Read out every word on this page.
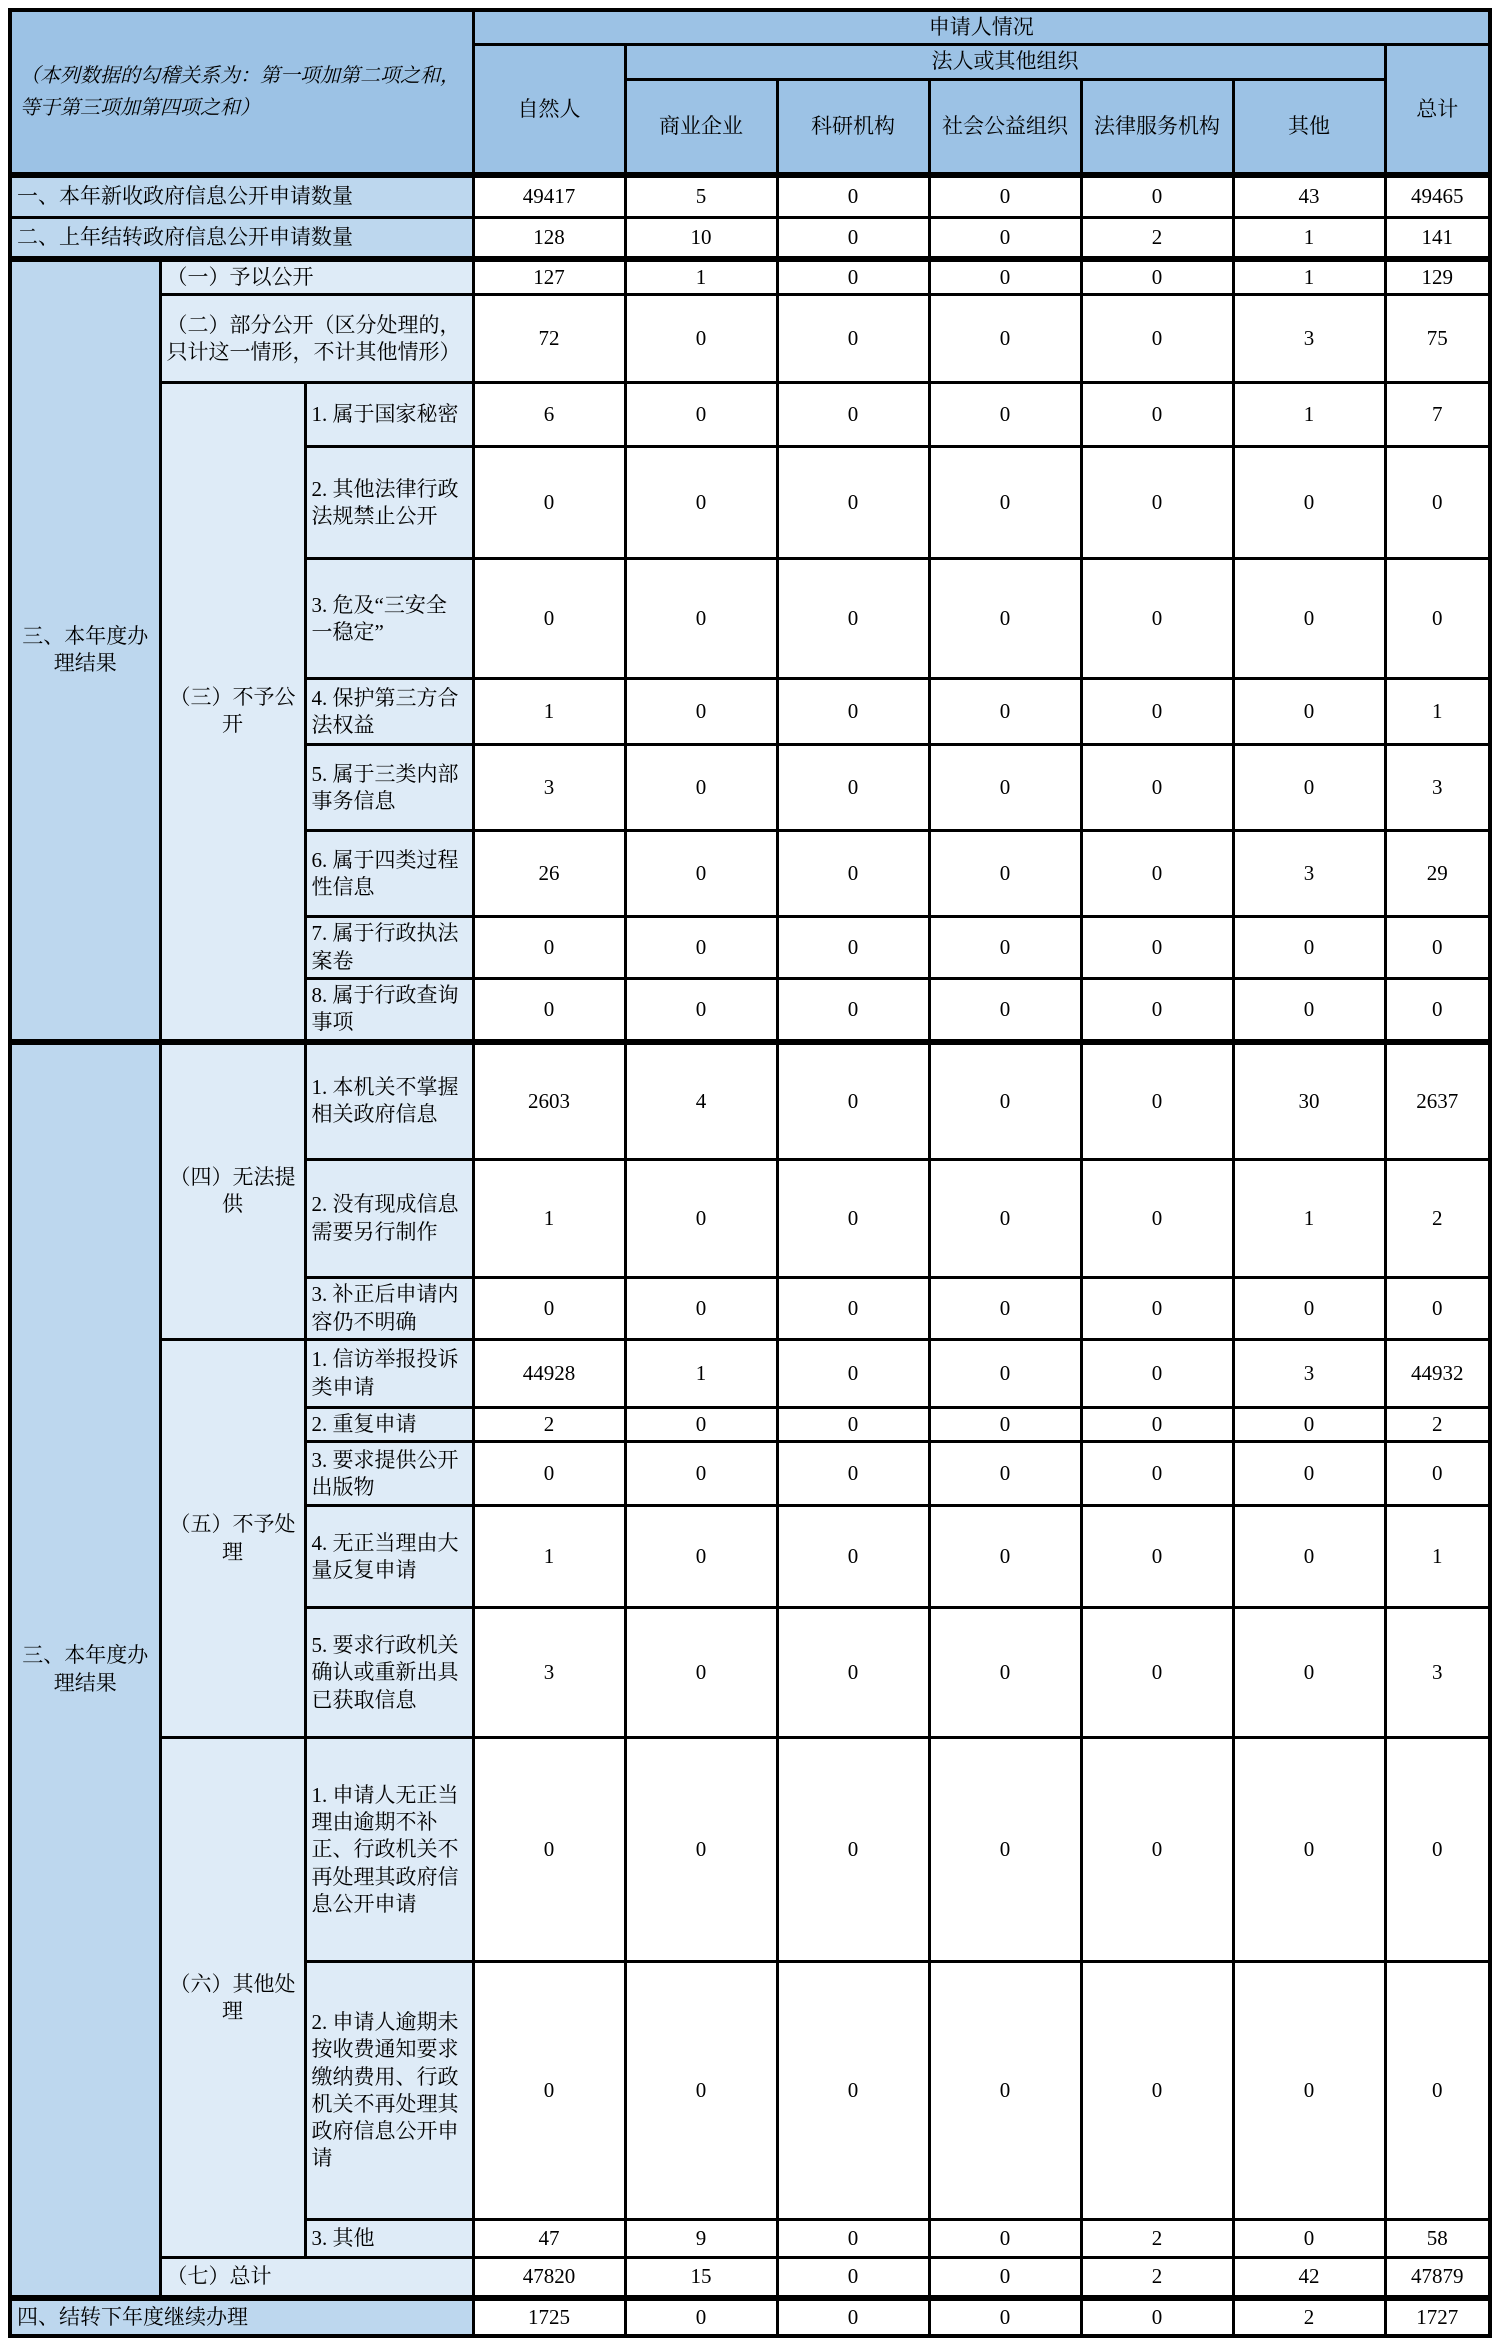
（本列数据的勾稽关系为：第一项加第二项之和，等于第三项加第四项之和）			申请人情况						
			自然人	法人或其他组织					总计
				商业企业	科研机构	社会公益组织	法律服务机构	其他	
一、本年新收政府信息公开申请数量			49417	5	0	0	0	43	49465
二、上年结转政府信息公开申请数量			128	10	0	0	2	1	141
三、本年度办理结果	（一）予以公开		127	1	0	0	0	1	129
	（二）部分公开（区分处理的，只计这一情形，不计其他情形）		72	0	0	0	0	3	75
	（三）不予公开	1. 属于国家秘密	6	0	0	0	0	1	7
		2. 其他法律行政法规禁止公开	0	0	0	0	0	0	0
		3. 危及“三安全一稳定”	0	0	0	0	0	0	0
		4. 保护第三方合法权益	1	0	0	0	0	0	1
		5. 属于三类内部事务信息	3	0	0	0	0	0	3
		6. 属于四类过程性信息	26	0	0	0	0	3	29
		7. 属于行政执法案卷	0	0	0	0	0	0	0
		8. 属于行政查询事项	0	0	0	0	0	0	0
三、本年度办理结果	（四）无法提供	1. 本机关不掌握相关政府信息	2603	4	0	0	0	30	2637
		2. 没有现成信息需要另行制作	1	0	0	0	0	1	2
		3. 补正后申请内容仍不明确	0	0	0	0	0	0	0
	（五）不予处理	1. 信访举报投诉类申请	44928	1	0	0	0	3	44932
		2. 重复申请	2	0	0	0	0	0	2
		3. 要求提供公开出版物	0	0	0	0	0	0	0
		4. 无正当理由大量反复申请	1	0	0	0	0	0	1
		5. 要求行政机关确认或重新出具已获取信息	3	0	0	0	0	0	3
	（六）其他处理	1. 申请人无正当理由逾期不补正、行政机关不再处理其政府信息公开申请	0	0	0	0	0	0	0
		2. 申请人逾期未按收费通知要求缴纳费用、行政机关不再处理其政府信息公开申请	0	0	0	0	0	0	0
		3. 其他	47	9	0	0	2	0	58
	（七）总计		47820	15	0	0	2	42	47879
四、结转下年度继续办理			1725	0	0	0	0	2	1727
